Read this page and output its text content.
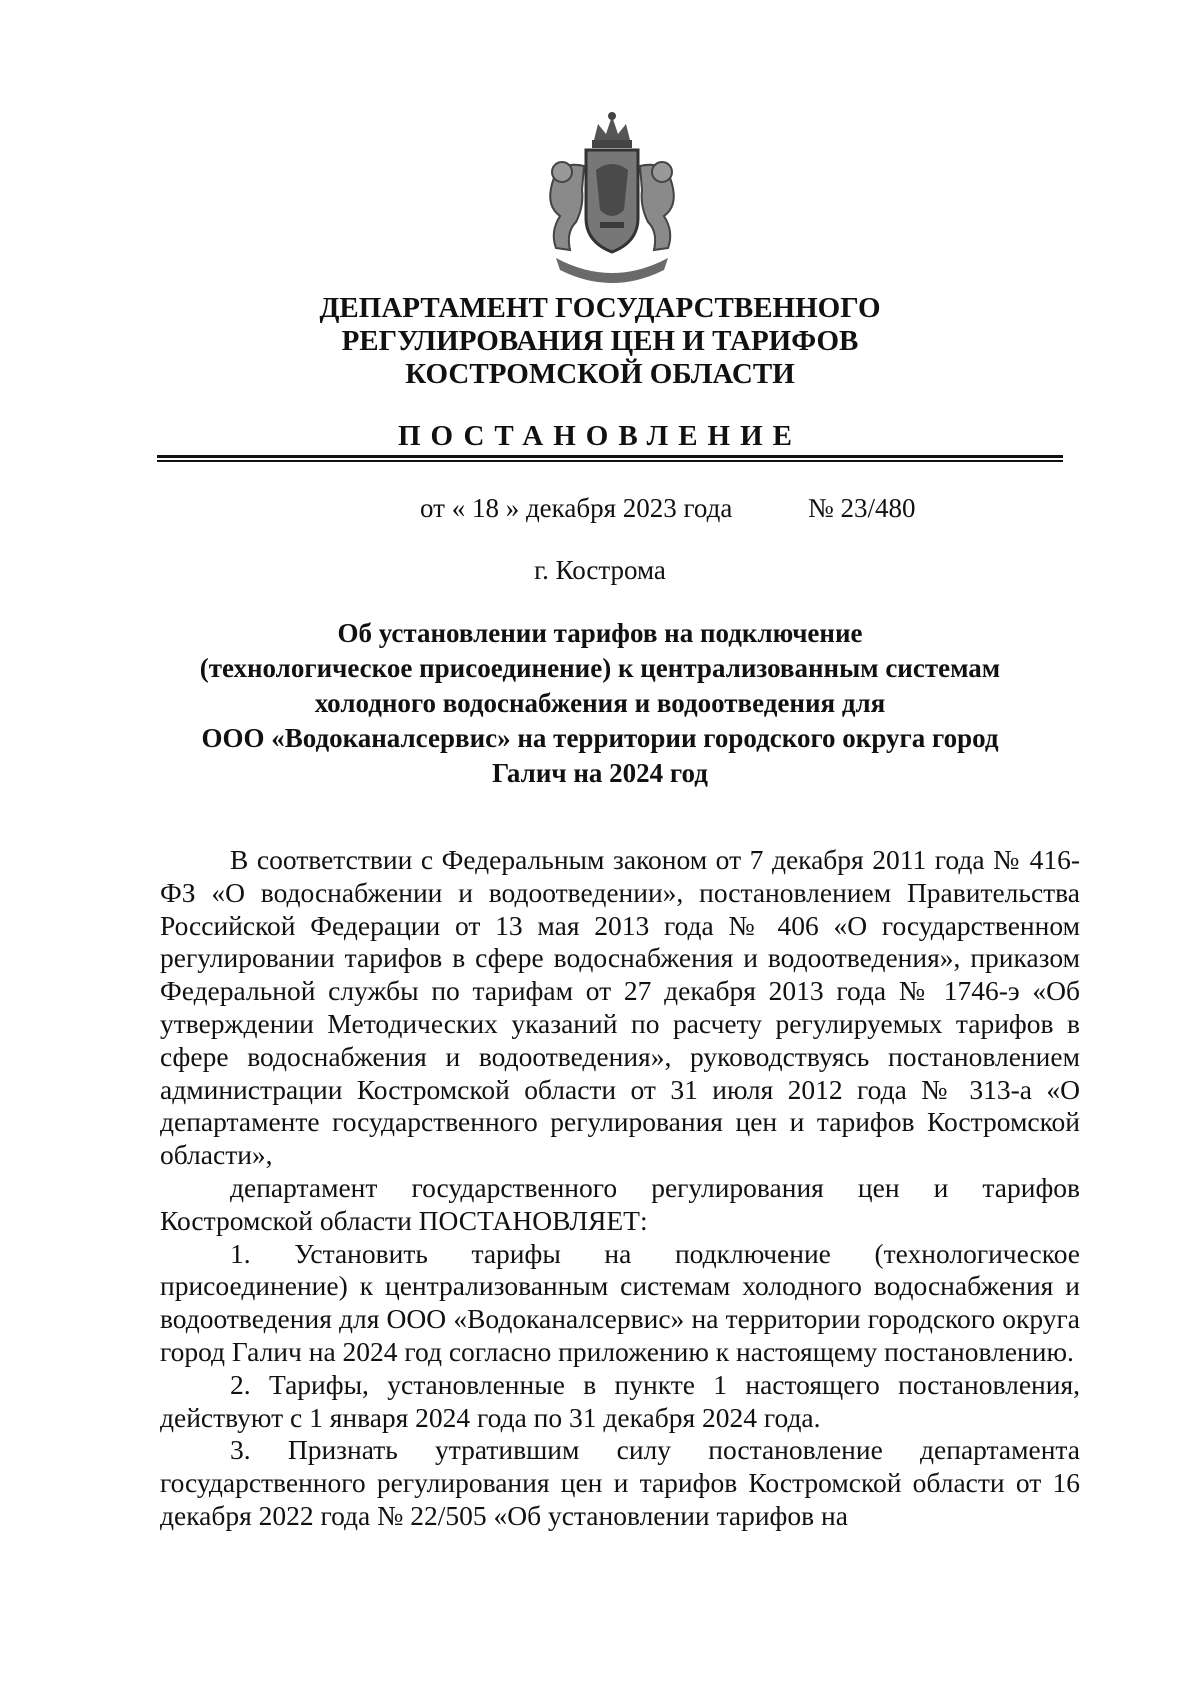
ДЕПАРТАМЕНТ ГОСУДАРСТВЕННОГО
РЕГУЛИРОВАНИЯ ЦЕН И ТАРИФОВ
КОСТРОМСКОЙ ОБЛАСТИ
ПОСТАНОВЛЕНИЕ
от « 18 » декабря 2023 года	№ 23/480
г. Кострома
Об установлении тарифов на подключение
(технологическое присоединение) к централизованным системам
холодного водоснабжения и водоотведения для
ООО «Водоканалсервис» на территории городского округа город
Галич на 2024 год

В соответствии с Федеральным законом от 7 декабря 2011 года № 416-ФЗ «О водоснабжении и водоотведении», постановлением Правительства Российской Федерации от 13 мая 2013 года № 406 «О государственном регулировании тарифов в сфере водоснабжения и водоотведения», приказом Федеральной службы по тарифам от 27 декабря 2013 года № 1746-э «Об утверждении Методических указаний по расчету регулируемых тарифов в сфере водоснабжения и водоотведения», руководствуясь постановлением администрации Костромской области от 31 июля 2012 года № 313-а «О департаменте государственного регулирования цен и тарифов Костромской области»,

департамент государственного регулирования цен и тарифов Костромской области ПОСТАНОВЛЯЕТ:

1. Установить тарифы на подключение (технологическое присоединение) к централизованным системам холодного водоснабжения и водоотведения для ООО «Водоканалсервис» на территории городского округа город Галич на 2024 год согласно приложению к настоящему постановлению.

2. Тарифы, установленные в пункте 1 настоящего постановления, действуют с 1 января 2024 года по 31 декабря 2024 года.

3. Признать утратившим силу постановление департамента государственного регулирования цен и тарифов Костромской области от 16 декабря 2022 года № 22/505 «Об установлении тарифов на
